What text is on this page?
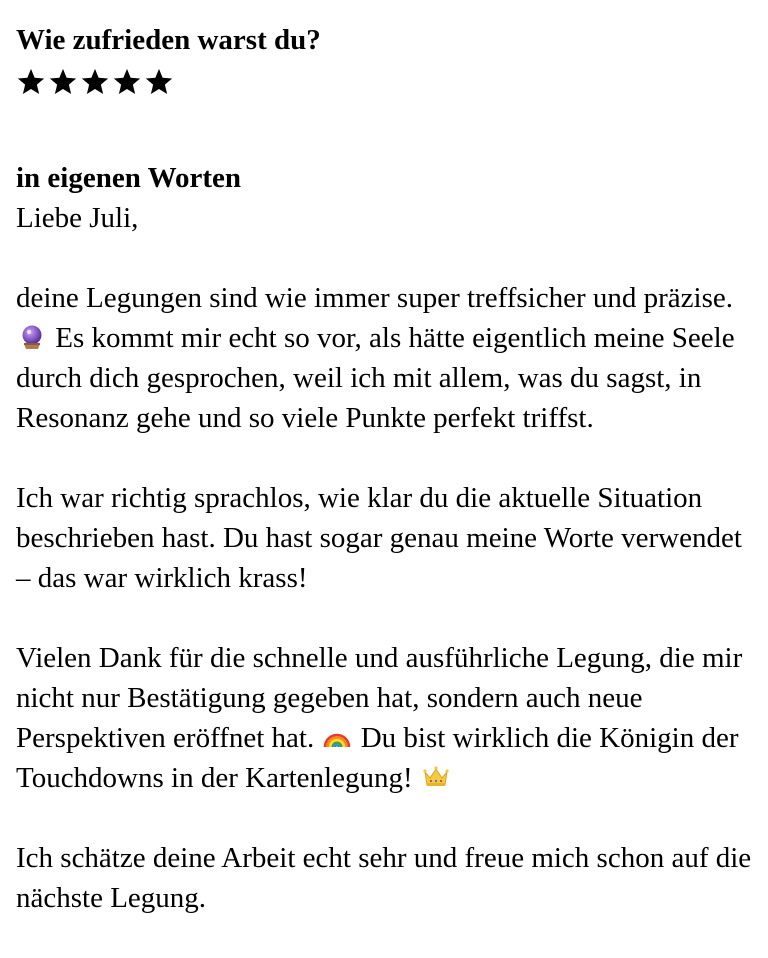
Wie zufrieden warst du?

in eigenen Worten

Liebe Juli,

deine Legungen sind wie immer super treffsicher und präzise.
Es kommt mir echt so vor, als hätte eigentlich meine Seele durch dich gesprochen, weil ich mit allem, was du sagst, in Resonanz gehe und so viele Punkte perfekt triffst.

Ich war richtig sprachlos, wie klar du die aktuelle Situation beschrieben hast. Du hast sogar genau meine Worte verwendet – das war wirklich krass!

Vielen Dank für die schnelle und ausführliche Legung, die mir nicht nur Bestätigung gegeben hat, sondern auch neue Perspektiven eröffnet hat.
Du bist wirklich die Königin der Touchdowns in der Kartenlegung!

Ich schätze deine Arbeit echt sehr und freue mich schon auf die nächste Legung.
